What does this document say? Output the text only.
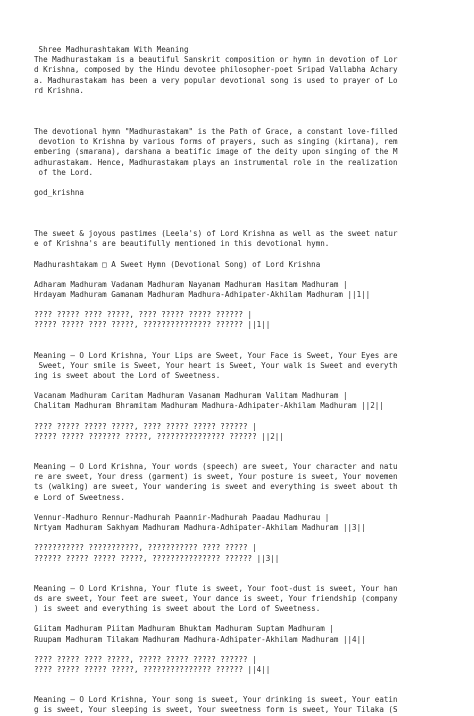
Shree Madhurashtakam With Meaning
The Madhurastakam is a beautiful Sanskrit composition or hymn in devotion of Lor
d Krishna, composed by the Hindu devotee philosopher-poet Sripad Vallabha Achary
a. Madhurastakam has been a very popular devotional song is used to prayer of Lo
rd Krishna.
The devotional hymn "Madhurastakam" is the Path of Grace, a constant love-filled
devotion to Krishna by various forms of prayers, such as singing (kirtana), rem
embering (smarana), darshana a beatific image of the deity upon singing of the M
adhurastakam. Hence, Madhurastakam plays an instrumental role in the realization
of the Lord.
god_krishna
The sweet & joyous pastimes (Leela's) of Lord Krishna as well as the sweet natur
e of Krishna's are beautifully mentioned in this devotional hymn.
Madhurashtakam □ A Sweet Hymn (Devotional Song) of Lord Krishna
Adharam Madhuram Vadanam Madhuram Nayanam Madhuram Hasitam Madhuram |
Hrdayam Madhuram Gamanam Madhuram Madhura-Adhipater-Akhilam Madhuram ||1||
???? ????? ???? ?????, ???? ????? ????? ?????? |
????? ????? ???? ?????, ??????????????? ?????? ||1||
Meaning – O Lord Krishna, Your Lips are Sweet, Your Face is Sweet, Your Eyes are
Sweet, Your smile is Sweet, Your heart is Sweet, Your walk is Sweet and everyth
ing is sweet about the Lord of Sweetness.
Vacanam Madhuram Caritam Madhuram Vasanam Madhuram Valitam Madhuram |
Chalitam Madhuram Bhramitam Madhuram Madhura-Adhipater-Akhilam Madhuram ||2||
???? ????? ????? ?????, ???? ????? ????? ?????? |
????? ????? ??????? ?????, ??????????????? ?????? ||2||
Meaning – O Lord Krishna, Your words (speech) are sweet, Your character and natu
re are sweet, Your dress (garment) is sweet, Your posture is sweet, Your movemen
ts (walking) are sweet, Your wandering is sweet and everything is sweet about th
e Lord of Sweetness.
Vennur-Madhuro Rennur-Madhurah Paannir-Madhurah Paadau Madhurau |
Nrtyam Madhuram Sakhyam Madhuram Madhura-Adhipater-Akhilam Madhuram ||3||
??????????? ???????????, ??????????? ???? ????? |
?????? ????? ????? ?????, ??????????????? ?????? ||3||
Meaning – O Lord Krishna, Your flute is sweet, Your foot-dust is sweet, Your han
ds are sweet, Your feet are sweet, Your dance is sweet, Your friendship (company
) is sweet and everything is sweet about the Lord of Sweetness.
Giitam Madhuram Piitam Madhuram Bhuktam Madhuram Suptam Madhuram |
Ruupam Madhuram Tilakam Madhuram Madhura-Adhipater-Akhilam Madhuram ||4||
???? ????? ???? ?????, ????? ????? ????? ?????? |
???? ????? ????? ?????, ??????????????? ?????? ||4||
Meaning – O Lord Krishna, Your song is sweet, Your drinking is sweet, Your eatin
g is sweet, Your sleeping is sweet, Your sweetness form is sweet, Your Tilaka (S
